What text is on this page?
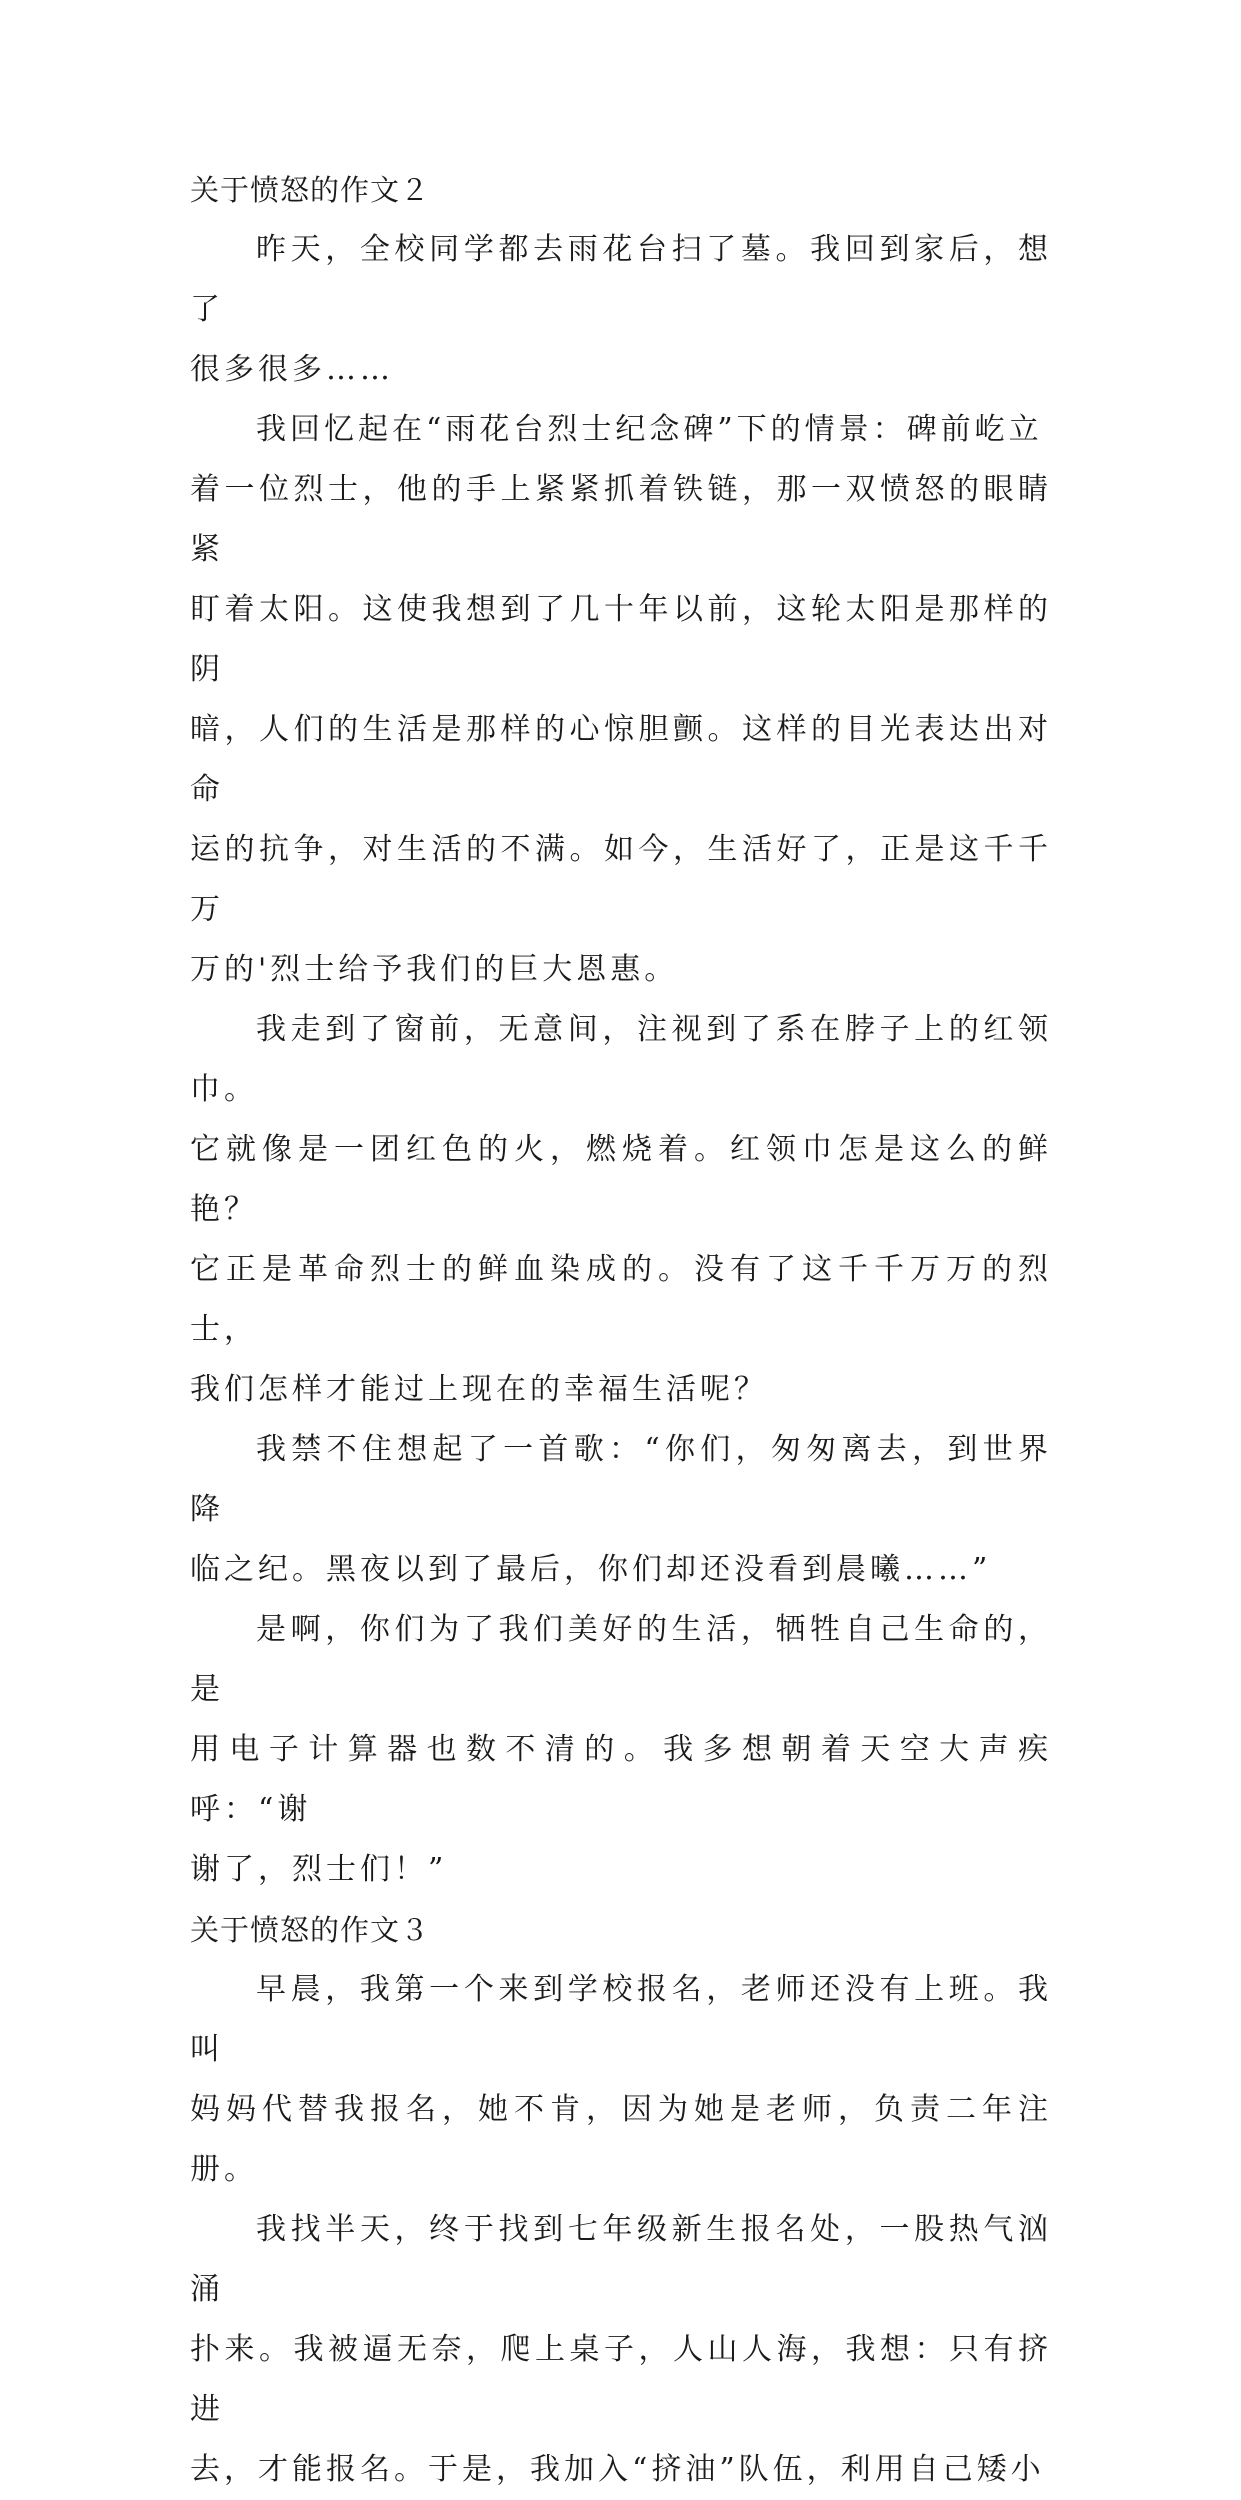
关于愤怒的作文２

昨天，全校同学都去雨花台扫了墓。我回到家后，想了
很多很多……

我回忆起在“雨花台烈士纪念碑”下的情景：碑前屹立
着一位烈士，他的手上紧紧抓着铁链，那一双愤怒的眼睛紧
盯着太阳。这使我想到了几十年以前，这轮太阳是那样的阴
暗，人们的生活是那样的心惊胆颤。这样的目光表达出对命
运的抗争，对生活的不满。如今，生活好了，正是这千千万
万的'烈士给予我们的巨大恩惠。

我走到了窗前，无意间，注视到了系在脖子上的红领巾。
它就像是一团红色的火，燃烧着。红领巾怎是这么的鲜艳？
它正是革命烈士的鲜血染成的。没有了这千千万万的烈士，
我们怎样才能过上现在的幸福生活呢？

我禁不住想起了一首歌：“你们，匆匆离去，到世界降
临之纪。黑夜以到了最后，你们却还没看到晨曦……”

是啊，你们为了我们美好的生活，牺牲自己生命的，是
用电子计算器也数不清的。我多想朝着天空大声疾呼：“谢
谢了，烈士们！”

关于愤怒的作文３

早晨，我第一个来到学校报名，老师还没有上班。我叫
妈妈代替我报名，她不肯，因为她是老师，负责二年注册。

我找半天，终于找到七年级新生报名处，一股热气汹涌
扑来。我被逼无奈，爬上桌子，人山人海，我想：只有挤进
去，才能报名。于是，我加入“挤油”队伍，利用自己矮小
